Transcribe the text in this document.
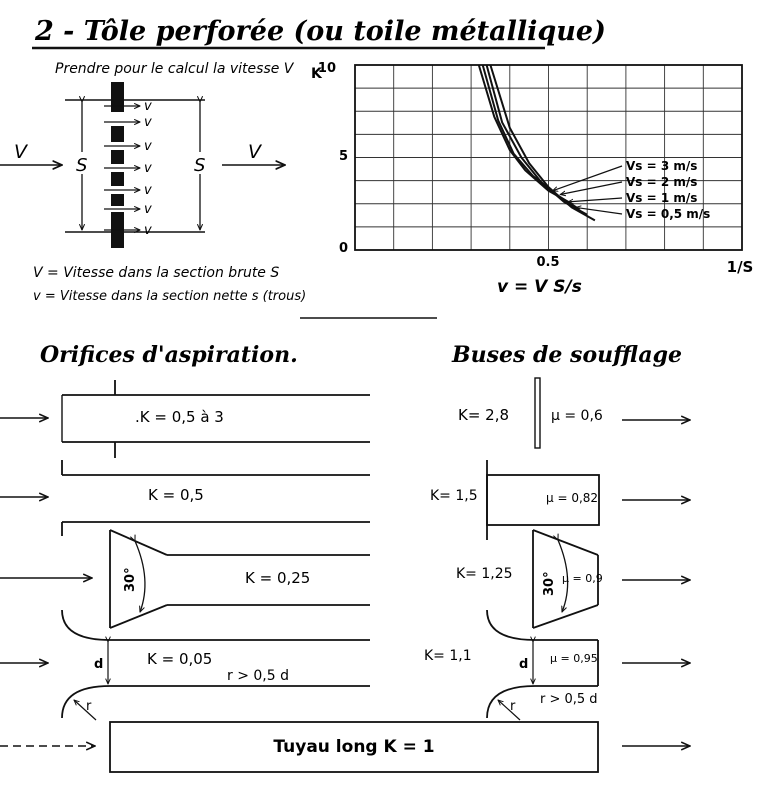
2 - Tôle perforée (ou toile métallique)
Prendre pour le calcul la vitesse V
v
v
v
v
v
v
v
S	S
V	V
V = Vitesse dans la section brute S
v = Vitesse dans la section nette s (trous)
K
10
5
0
0.5	1/S
v = V S/s
Vs = 3 m/s
Vs = 2 m/s
Vs = 1 m/s
Vs = 0,5 m/s
Orifices d'aspiration.	Buses de soufflage
.K = 0,5 à 3
K = 0,5
30°	K = 0,25
d
r
K = 0,05
r > 0,5 d
K= 2,8	μ = 0,6
K= 1,5	μ = 0,82
30°
K= 1,25	μ = 0,9
d
r
K= 1,1	μ = 0,95
r > 0,5 d
Tuyau long K = 1
